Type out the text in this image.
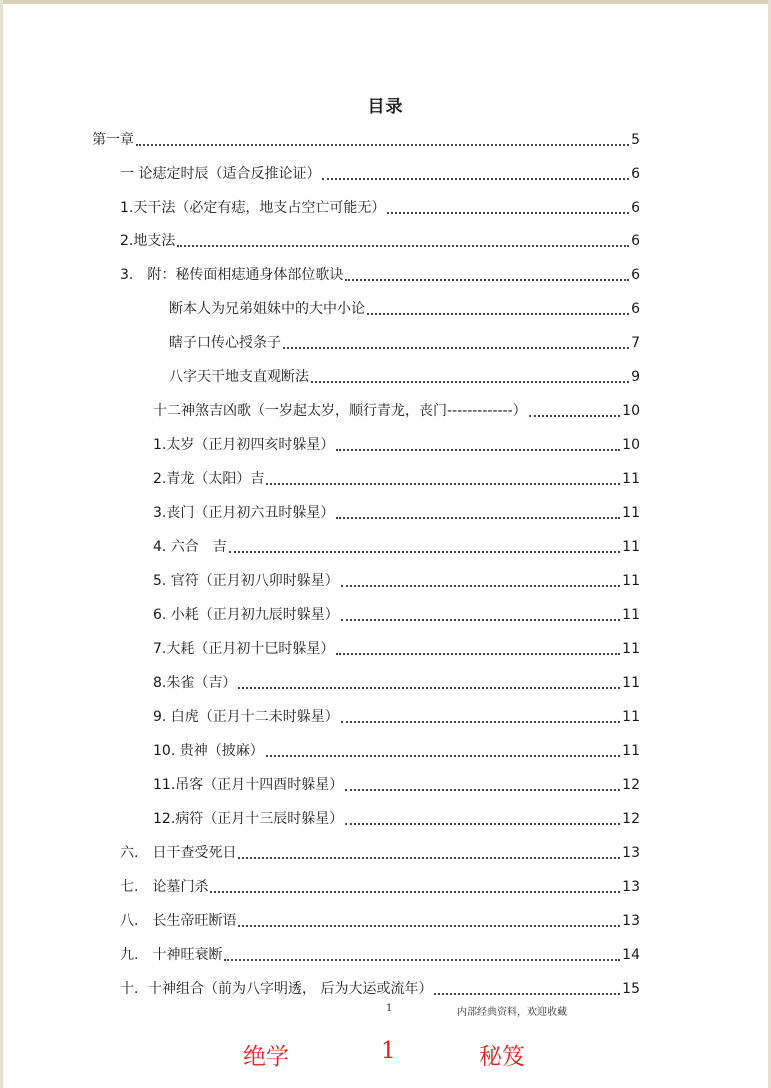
目录
第一章	5
一 论痣定时辰（适合反推论证）	6
1.天干法（必定有痣，地支占空亡可能无）	6
2.地支法	6
3.　附：秘传面相痣通身体部位歌诀	6
断本人为兄弟姐妹中的大中小论	6
瞎子口传心授条子	7
八字天干地支直观断法	9
十二神煞吉凶歌（一岁起太岁，顺行青龙，丧门-------------）	10
1.太岁（正月初四亥时躲星）	10
2.青龙（太阳）吉	11
3.丧门（正月初六丑时躲星）	11
4. 六合　吉	11
5. 官符（正月初八卯时躲星）	11
6. 小耗（正月初九辰时躲星）	11
7.大耗（正月初十巳时躲星）	11
8.朱雀（吉）	11
9. 白虎（正月十二未时躲星）	11
10. 贵神（披麻）	11
11.吊客（正月十四酉时躲星）	12
12.病符（正月十三辰时躲星）	12
六.　日干查受死日	13
七.　论墓门杀	13
八.　长生帝旺断语	13
九.　十神旺衰断	14
十．十神组合（前为八字明透， 后为大运或流年）	15
1	内部经典资料，欢迎收藏
绝学	1	秘笈
